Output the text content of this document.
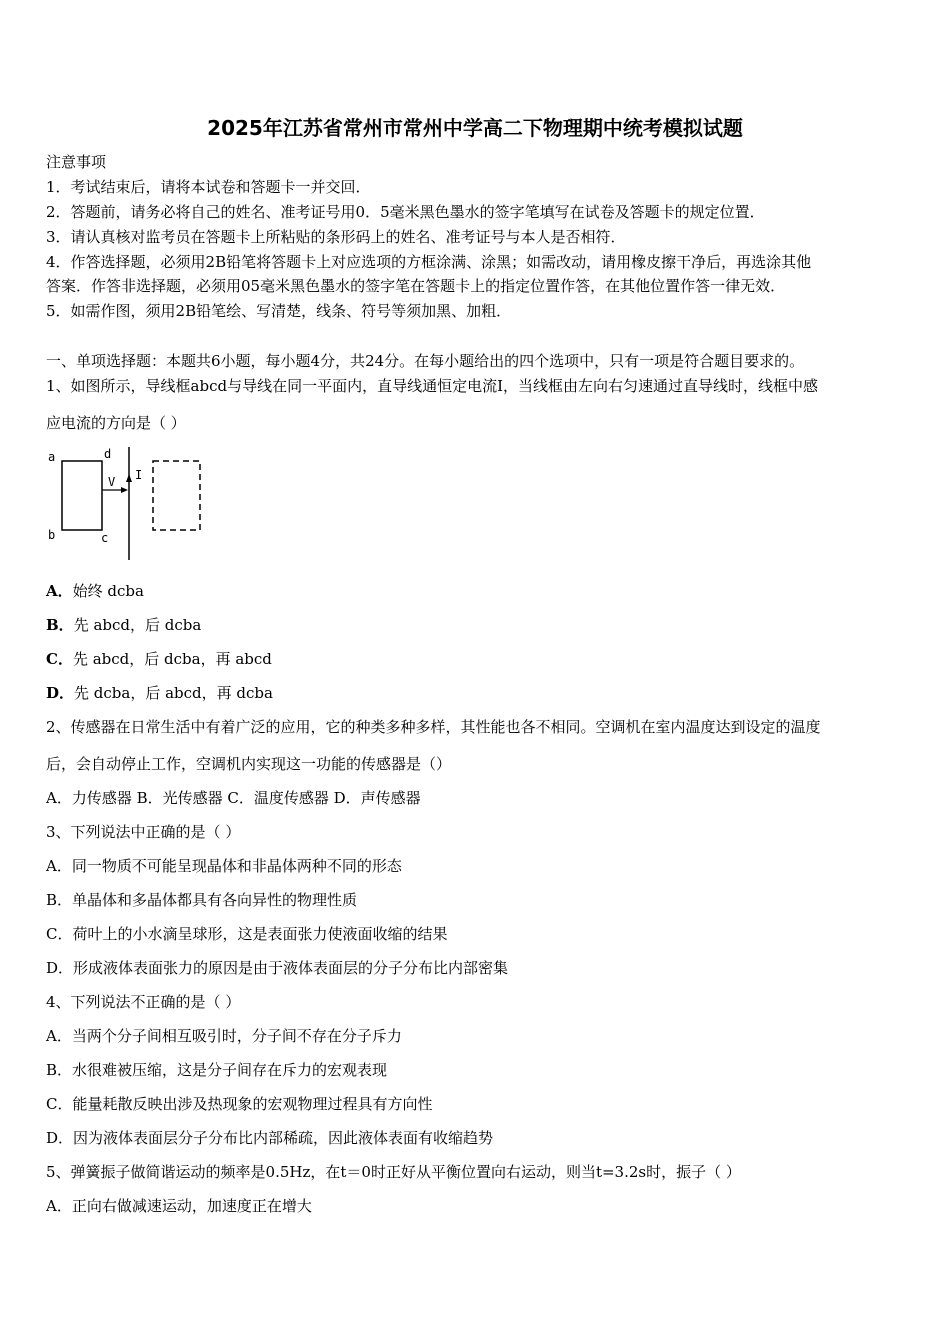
2025年江苏省常州市常州中学高二下物理期中统考模拟试题
注意事项
1．考试结束后，请将本试卷和答题卡一并交回．
2．答题前，请务必将自己的姓名、准考证号用0．5毫米黑色墨水的签字笔填写在试卷及答题卡的规定位置．
3．请认真核对监考员在答题卡上所粘贴的条形码上的姓名、准考证号与本人是否相符．
4．作答选择题，必须用2B铅笔将答题卡上对应选项的方框涂满、涂黑；如需改动，请用橡皮擦干净后，再选涂其他
答案．作答非选择题，必须用05毫米黑色墨水的签字笔在答题卡上的指定位置作答，在其他位置作答一律无效．
5．如需作图，须用2B铅笔绘、写清楚，线条、符号等须加黑、加粗．
一、单项选择题：本题共6小题，每小题4分，共24分。在每小题给出的四个选项中，只有一项是符合题目要求的。
1、如图所示，导线框abcd与导线在同一平面内，直导线通恒定电流I，当线框由左向右匀速通过直导线时，线框中感
应电流的方向是（ ）
a	d
b	c
V I
A．始终 dcba
B．先 abcd，后 dcba
C．先 abcd，后 dcba，再 abcd
D．先 dcba，后 abcd，再 dcba
2、传感器在日常生活中有着广泛的应用，它的种类多种多样，其性能也各不相同。空调机在室内温度达到设定的温度
后，会自动停止工作，空调机内实现这一功能的传感器是（）
A．力传感器 B．光传感器 C．温度传感器 D．声传感器
3、下列说法中正确的是（ ）
A．同一物质不可能呈现晶体和非晶体两种不同的形态
B．单晶体和多晶体都具有各向异性的物理性质
C．荷叶上的小水滴呈球形，这是表面张力使液面收缩的结果
D．形成液体表面张力的原因是由于液体表面层的分子分布比内部密集
4、下列说法不正确的是（ ）
A．当两个分子间相互吸引时，分子间不存在分子斥力
B．水很难被压缩，这是分子间存在斥力的宏观表现
C．能量耗散反映出涉及热现象的宏观物理过程具有方向性
D．因为液体表面层分子分布比内部稀疏，因此液体表面有收缩趋势
5、弹簧振子做简谐运动的频率是0.5Hz，在t＝0时正好从平衡位置向右运动，则当t=3.2s时，振子（ ）
A．正向右做减速运动，加速度正在增大
